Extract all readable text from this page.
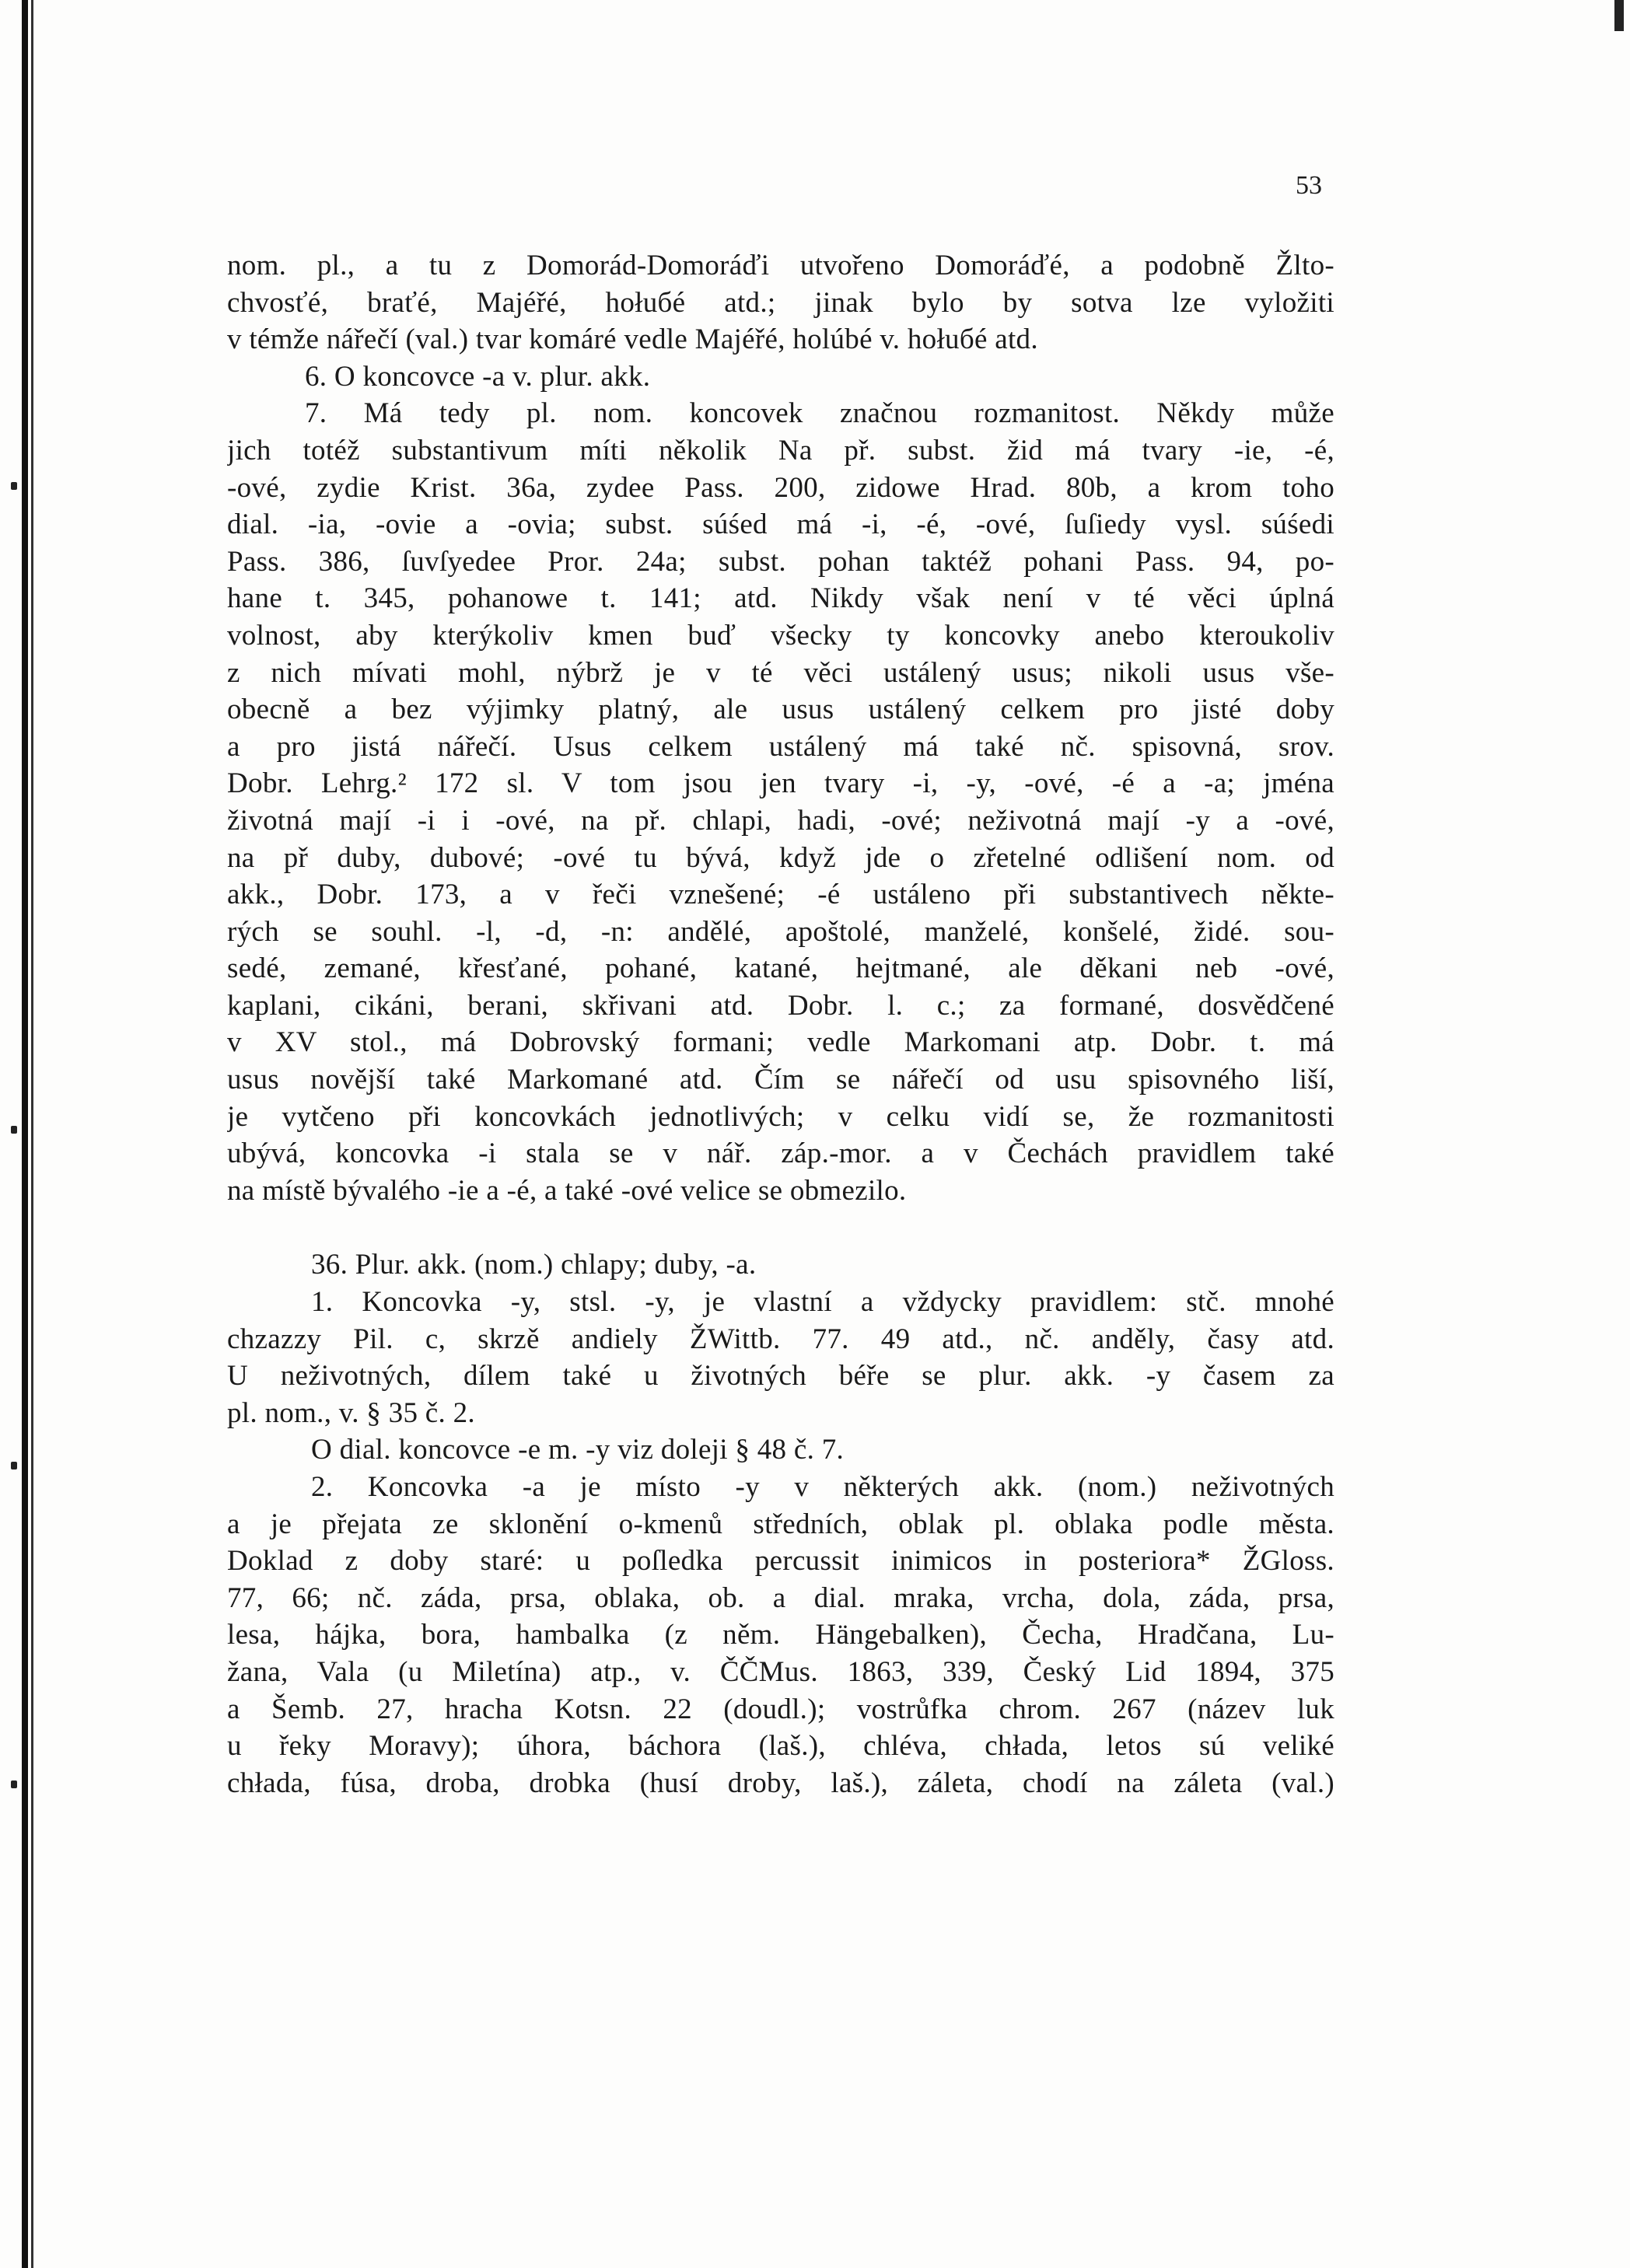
53
nom. pl., a tu z Domorád-Domoráďi utvořeno Domoráďé, a podobně Žlto-
chvosťé, braťé, Majéřé, hołuбé atd.; jinak bylo by sotva lze vyložiti
v témže nářečí (val.) tvar komáré vedle Majéřé, holúbé v. hołuбé atd.
6. O koncovce -a v. plur. akk.
7. Má tedy pl. nom. koncovek značnou rozmanitost. Někdy může
jich totéž substantivum míti několik Na př. subst. žid má tvary -ie, -é,
-ové, zydie Krist. 36a, zydee Pass. 200, zidowe Hrad. 80b, a krom toho
dial. -ia, -ovie a -ovia; subst. súśed má -i, -é, -ové, ſuſiedy vysl. súśedi
Pass. 386, ſuvſyedee Pror. 24a; subst. pohan taktéž pohani Pass. 94, po-
hane t. 345, pohanowe t. 141; atd. Nikdy však není v té věci úplná
volnost, aby kterýkoliv kmen buď všecky ty koncovky anebo kteroukoliv
z nich mívati mohl, nýbrž je v té věci ustálený usus; nikoli usus vše-
obecně a bez výjimky platný, ale usus ustálený celkem pro jisté doby
a pro jistá nářečí. Usus celkem ustálený má také nč. spisovná, srov.
Dobr. Lehrg.² 172 sl. V tom jsou jen tvary -i, -y, -ové, -é a -a; jména
životná mají -i i -ové, na př. chlapi, hadi, -ové; neživotná mají -y a -ové,
na př duby, dubové; -ové tu bývá, když jde o zřetelné odlišení nom. od
akk., Dobr. 173, a v řeči vznešené; -é ustáleno při substantivech někte-
rých se souhl. -l, -d, -n: andělé, apoštolé, manželé, konšelé, židé. sou-
sedé, zemané, křesťané, pohané, katané, hejtmané, ale děkani neb -ové,
kaplani, cikáni, berani, skřivani atd. Dobr. l. c.; za formané, dosvědčené
v XV stol., má Dobrovský formani; vedle Markomani atp. Dobr. t. má
usus novější také Markomané atd. Čím se nářečí od usu spisovného liší,
je vytčeno při koncovkách jednotlivých; v celku vidí se, že rozmanitosti
ubývá, koncovka -i stala se v nář. záp.-mor. a v Čechách pravidlem také
na místě bývalého -ie a -é, a také -ové velice se obmezilo.
36. Plur. akk. (nom.) chlapy; duby, -a.
1. Koncovka -y, stsl. -y, je vlastní a vždycky pravidlem: stč. mnohé
chzazzy Pil. c, skrzě andiely ŽWittb. 77. 49 atd., nč. anděly, časy atd.
U neživotných, dílem také u životných béře se plur. akk. -y časem za
pl. nom., v. § 35 č. 2.
O dial. koncovce -e m. -y viz doleji § 48 č. 7.
2. Koncovka -a je místo -y v některých akk. (nom.) neživotných
a je přejata ze sklonění o-kmenů středních, oblak pl. oblaka podle města.
Doklad z doby staré: u poſledka percussit inimicos in posteriora* ŽGloss.
77, 66; nč. záda, prsa, oblaka, ob. a dial. mraka, vrcha, dola, záda, prsa,
lesa, hájka, bora, hambalka (z něm. Hängebalken), Čecha, Hradčana, Lu-
žana, Vala (u Miletína) atp., v. ČČMus. 1863, 339, Český Lid 1894, 375
a Šemb. 27, hracha Kotsn. 22 (doudl.); vostrůfka chrom. 267 (název luk
u řeky Moravy); úhora, báchora (laš.), chléva, chłada, letos sú veliké
chłada, fúsa, droba, drobka (husí droby, laš.), záleta, chodí na záleta (val.)
